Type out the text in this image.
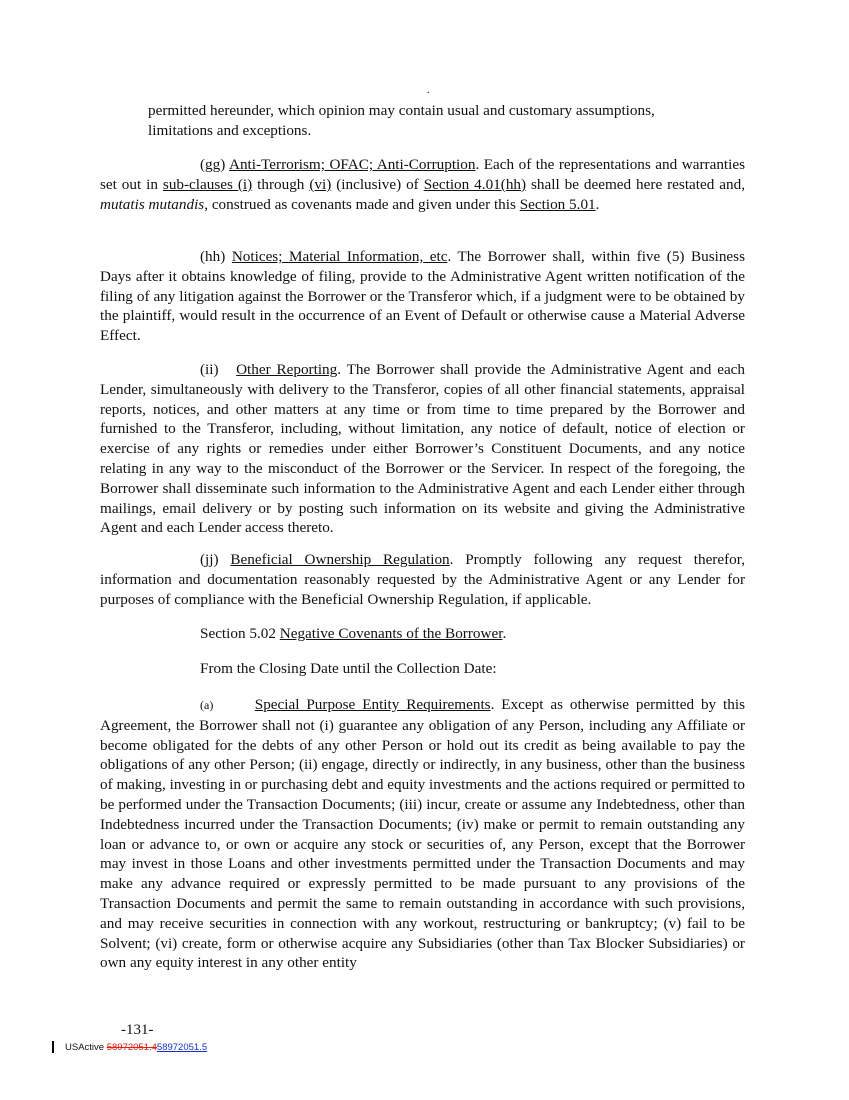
.

permitted hereunder, which opinion may contain usual and customary assumptions, limitations and exceptions.

(gg) Anti-Terrorism; OFAC; Anti-Corruption. Each of the representations and warranties set out in sub-clauses (i) through (vi) (inclusive) of Section 4.01(hh) shall be deemed here restated and, mutatis mutandis, construed as covenants made and given under this Section 5.01.

(hh) Notices; Material Information, etc. The Borrower shall, within five (5) Business Days after it obtains knowledge of filing, provide to the Administrative Agent written notification of the filing of any litigation against the Borrower or the Transferor which, if a judgment were to be obtained by the plaintiff, would result in the occurrence of an Event of Default or otherwise cause a Material Adverse Effect.

(ii) Other Reporting. The Borrower shall provide the Administrative Agent and each Lender, simultaneously with delivery to the Transferor, copies of all other financial statements, appraisal reports, notices, and other matters at any time or from time to time prepared by the Borrower and furnished to the Transferor, including, without limitation, any notice of default, notice of election or exercise of any rights or remedies under either Borrower’s Constituent Documents, and any notice relating in any way to the misconduct of the Borrower or the Servicer. In respect of the foregoing, the Borrower shall disseminate such information to the Administrative Agent and each Lender either through mailings, email delivery or by posting such information on its website and giving the Administrative Agent and each Lender access thereto.

(jj) Beneficial Ownership Regulation. Promptly following any request therefor, information and documentation reasonably requested by the Administrative Agent or any Lender for purposes of compliance with the Beneficial Ownership Regulation, if applicable.

Section 5.02 Negative Covenants of the Borrower.
From the Closing Date until the Collection Date:

(a)	Special Purpose Entity Requirements. Except as otherwise permitted by this Agreement, the Borrower shall not (i) guarantee any obligation of any Person, including any Affiliate or become obligated for the debts of any other Person or hold out its credit as being available to pay the obligations of any other Person; (ii) engage, directly or indirectly, in any business, other than the business of making, investing in or purchasing debt and equity investments and the actions required or permitted to be performed under the Transaction Documents; (iii) incur, create or assume any Indebtedness, other than Indebtedness incurred under the Transaction Documents; (iv) make or permit to remain outstanding any loan or advance to, or own or acquire any stock or securities of, any Person, except that the Borrower may invest in those Loans and other investments permitted under the Transaction Documents and may make any advance required or expressly permitted to be made pursuant to any provisions of the Transaction Documents and permit the same to remain outstanding in accordance with such provisions, and may receive securities in connection with any workout, restructuring or bankruptcy; (v) fail to be Solvent; (vi) create, form or otherwise acquire any Subsidiaries (other than Tax Blocker Subsidiaries) or own any equity interest in any other entity

-131-
USActive 58972051.458972051.5
